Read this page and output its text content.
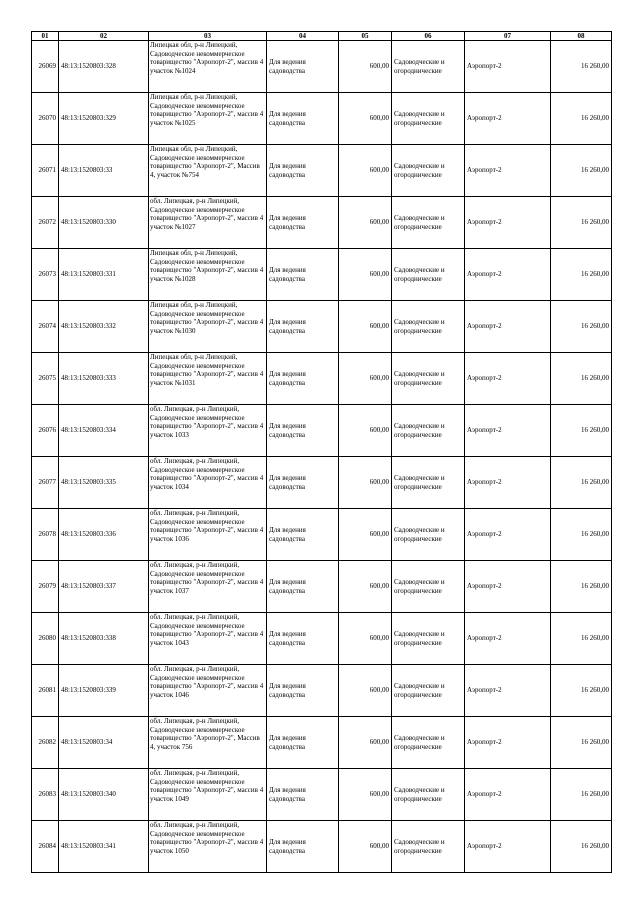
01	02	03	04	05	06	07	08
26069	48:13:1520803:328	Липецкая обл, р-н Липецкий, Садоводческое некоммерческое товарищество "Аэропорт-2", массив 4 участок №1024	Для ведения садоводства	600,00	Садоводческие и огороднические	Аэропорт-2	16 260,00
26070	48:13:1520803:329	Липецкая обл, р-н Липецкий, Садоводческое некоммерческое товарищество "Аэропорт-2", массив 4 участок №1025	Для ведения садоводства	600,00	Садоводческие и огороднические	Аэропорт-2	16 260,00
26071	48:13:1520803:33	Липецкая обл, р-н Липецкий, Садоводческое некоммерческое товарищество "Аэропорт-2", Массив 4, участок №754	Для ведения садоводства	600,00	Садоводческие и огороднические	Аэропорт-2	16 260,00
26072	48:13:1520803:330	обл. Липецкая, р-н Липецкий, Садоводческое некоммерческое товарищество "Аэропорт-2", массив 4 участок №1027	Для ведения садоводства	600,00	Садоводческие и огороднические	Аэропорт-2	16 260,00
26073	48:13:1520803:331	Липецкая обл, р-н Липецкий, Садоводческое некоммерческое товарищество "Аэропорт-2", массив 4 участок №1028	Для ведения садоводства	600,00	Садоводческие и огороднические	Аэропорт-2	16 260,00
26074	48:13:1520803:332	Липецкая обл, р-н Липецкий, Садоводческое некоммерческое товарищество "Аэропорт-2", массив 4 участок №1030	Для ведения садоводства	600,00	Садоводческие и огороднические	Аэропорт-2	16 260,00
26075	48:13:1520803:333	Липецкая обл, р-н Липецкий, Садоводческое некоммерческое товарищество "Аэропорт-2", массив 4 участок №1031	Для ведения садоводства	600,00	Садоводческие и огороднические	Аэропорт-2	16 260,00
26076	48:13:1520803:334	обл. Липецкая, р-н Липецкий, Садоводческое некоммерческое товарищество "Аэропорт-2", массив 4 участок 1033	Для ведения садоводства	600,00	Садоводческие и огороднические	Аэропорт-2	16 260,00
26077	48:13:1520803:335	обл. Липецкая, р-н Липецкий, Садоводческое некоммерческое товарищество "Аэропорт-2", массив 4 участок 1034	Для ведения садоводства	600,00	Садоводческие и огороднические	Аэропорт-2	16 260,00
26078	48:13:1520803:336	обл. Липецкая, р-н Липецкий, Садоводческое некоммерческое товарищество "Аэропорт-2", массив 4 участок 1036	Для ведения садоводства	600,00	Садоводческие и огороднические	Аэропорт-2	16 260,00
26079	48:13:1520803:337	обл. Липецкая, р-н Липецкий, Садоводческое некоммерческое товарищество "Аэропорт-2", массив 4 участок 1037	Для ведения садоводства	600,00	Садоводческие и огороднические	Аэропорт-2	16 260,00
26080	48:13:1520803:338	обл. Липецкая, р-н Липецкий, Садоводческое некоммерческое товарищество "Аэропорт-2", массив 4 участок 1043	Для ведения садоводства	600,00	Садоводческие и огороднические	Аэропорт-2	16 260,00
26081	48:13:1520803:339	обл. Липецкая, р-н Липецкий, Садоводческое некоммерческое товарищество "Аэропорт-2", массив 4 участок 1046	Для ведения садоводства	600,00	Садоводческие и огороднические	Аэропорт-2	16 260,00
26082	48:13:1520803:34	обл. Липецкая, р-н Липецкий, Садоводческое некоммерческое товарищество "Аэропорт-2", Массив 4, участок 756	Для ведения садоводства	600,00	Садоводческие и огороднические	Аэропорт-2	16 260,00
26083	48:13:1520803:340	обл. Липецкая, р-н Липецкий, Садоводческое некоммерческое товарищество "Аэропорт-2", массив 4 участок 1049	Для ведения садоводства	600,00	Садоводческие и огороднические	Аэропорт-2	16 260,00
26084	48:13:1520803:341	обл. Липецкая, р-н Липецкий, Садоводческое некоммерческое товарищество "Аэропорт-2", массив 4 участок 1050	Для ведения садоводства	600,00	Садоводческие и огороднические	Аэропорт-2	16 260,00
